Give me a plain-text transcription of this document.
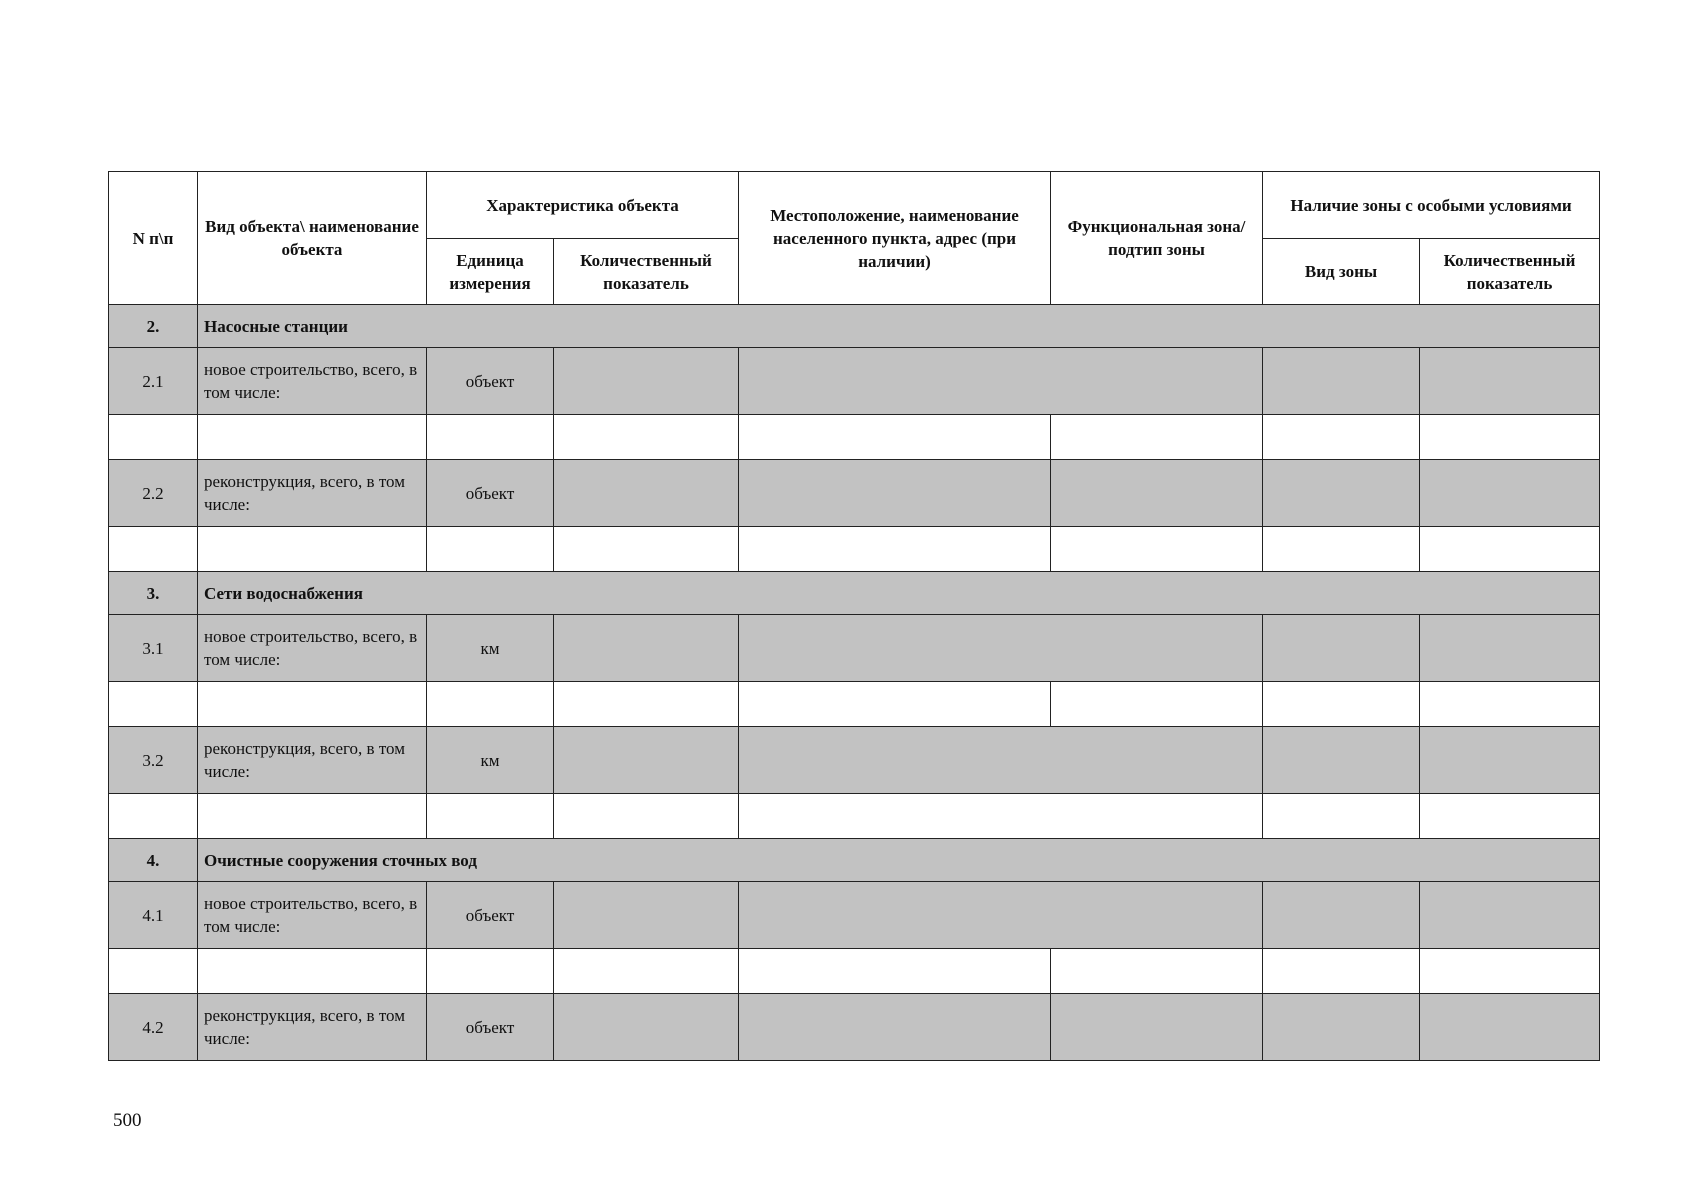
N п\п	Вид объекта\ наименование объекта	Характеристика объекта		Местоположение, наименование населенного пункта, адрес (при наличии)	Функциональная зона/ подтип зоны	Наличие зоны с особыми условиями	
		Единица измерения	Количественный показатель			Вид зоны	Количественный показатель
2.	Насосные станции						
2.1	новое строительство, всего, в том числе:	объект					

2.2	реконструкция, всего, в том числе:	объект					

3.	Сети водоснабжения						
3.1	новое строительство, всего, в том числе:	км					

3.2	реконструкция, всего, в том числе:	км					

4.	Очистные сооружения сточных вод						
4.1	новое строительство, всего, в том числе:	объект					

4.2	реконструкция, всего, в том числе:	объект					
500
